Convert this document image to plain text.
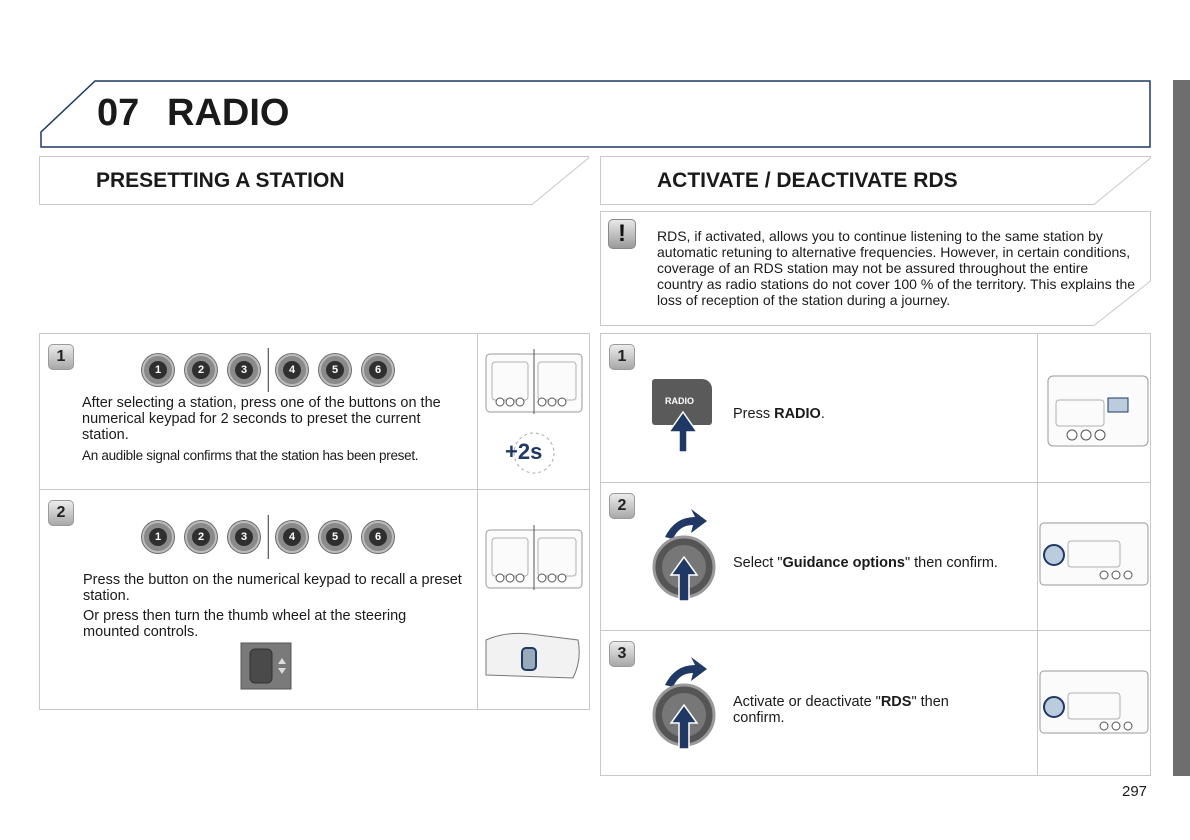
07 RADIO
PRESETTING A STATION	ACTIVATE / DEACTIVATE RDS
!	RDS, if activated, allows you to continue listening to the same station by automatic retuning to alternative frequencies. However, in certain conditions, coverage of an RDS station may not be assured throughout the entire country as radio stations do not cover 100 % of the territory. This explains the loss of reception of the station during a journey.

1
1	2	3	4	5	6
After selecting a station, press one of the buttons on the numerical keypad for 2 seconds to preset the current station.
An audible signal confirms that the station has been preset.	+2s
2
1	2	3	4	5	6
Press the button on the numerical keypad to recall a preset station.
Or press then turn the thumb wheel at the steering mounted controls.
1
RADIO
Press RADIO.
2
Select "Guidance options" then confirm.
3
Activate or deactivate "RDS" then confirm.
297
